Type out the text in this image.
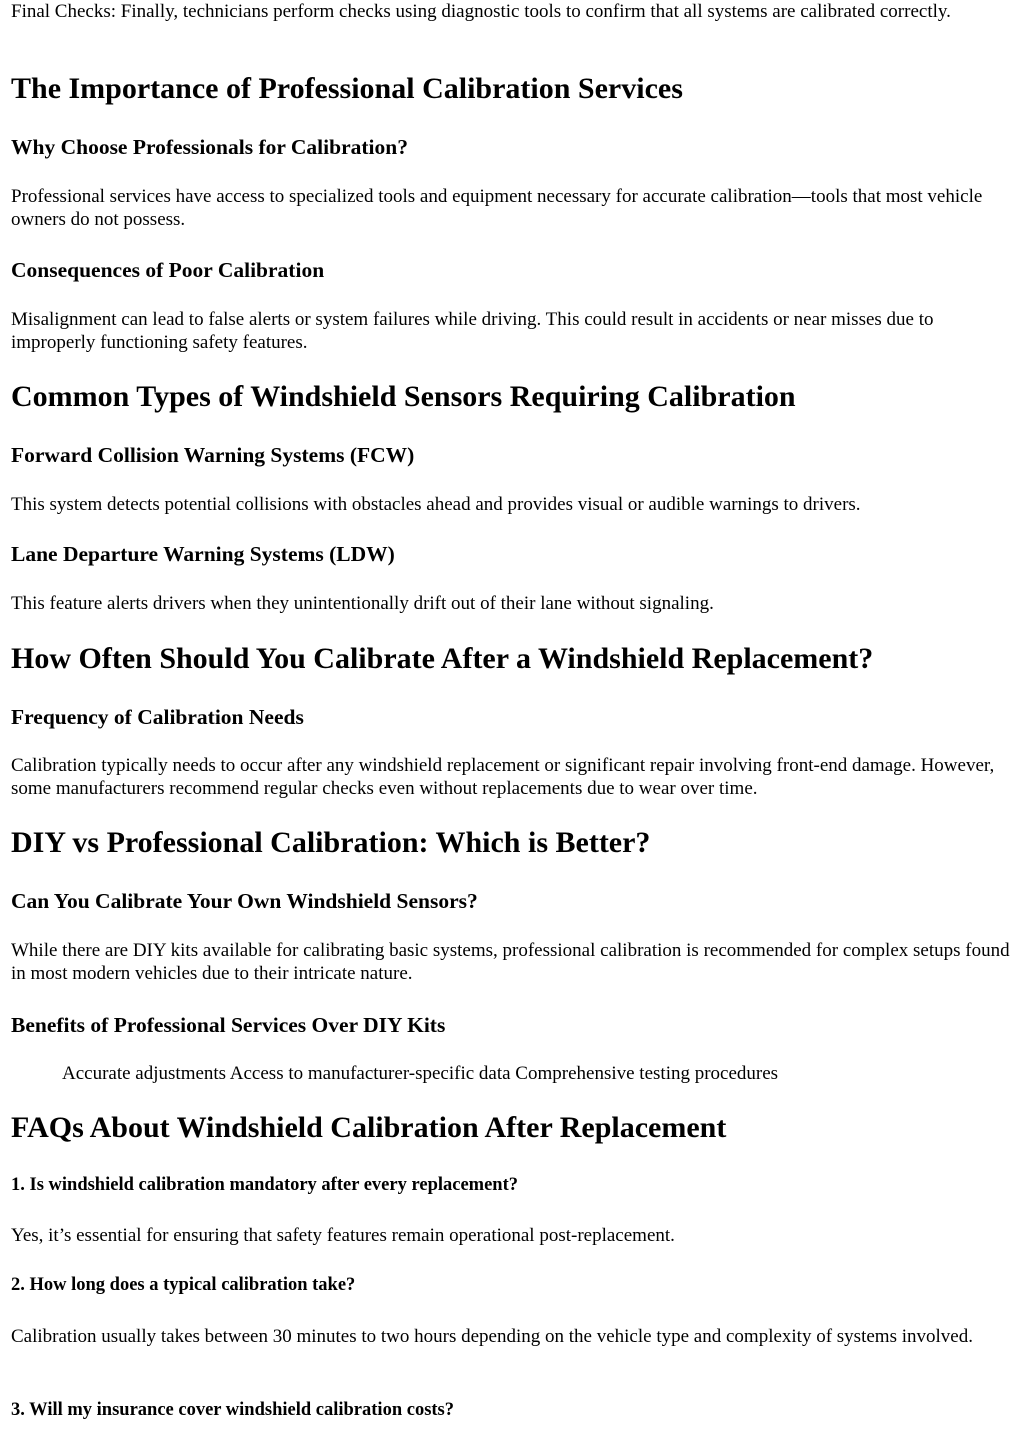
Final Checks: Finally, technicians perform checks using diagnostic tools to confirm that all systems are calibrated correctly.

The Importance of Professional Calibration Services
Why Choose Professionals for Calibration?

Professional services have access to specialized tools and equipment necessary for accurate calibration—tools that most vehicle owners do not possess.

Consequences of Poor Calibration

Misalignment can lead to false alerts or system failures while driving. This could result in accidents or near misses due to improperly functioning safety features.

Common Types of Windshield Sensors Requiring Calibration
Forward Collision Warning Systems (FCW)

This system detects potential collisions with obstacles ahead and provides visual or audible warnings to drivers.

Lane Departure Warning Systems (LDW)

This feature alerts drivers when they unintentionally drift out of their lane without signaling.

How Often Should You Calibrate After a Windshield Replacement?
Frequency of Calibration Needs

Calibration typically needs to occur after any windshield replacement or significant repair involving front-end damage. However, some manufacturers recommend regular checks even without replacements due to wear over time.

DIY vs Professional Calibration: Which is Better?
Can You Calibrate Your Own Windshield Sensors?

While there are DIY kits available for calibrating basic systems, professional calibration is recommended for complex setups found in most modern vehicles due to their intricate nature.

Benefits of Professional Services Over DIY Kits
Accurate adjustments Access to manufacturer-specific data Comprehensive testing procedures
FAQs About Windshield Calibration After Replacement
1. Is windshield calibration mandatory after every replacement?

Yes, it’s essential for ensuring that safety features remain operational post-replacement.

2. How long does a typical calibration take?

Calibration usually takes between 30 minutes to two hours depending on the vehicle type and complexity of systems involved.

3. Will my insurance cover windshield calibration costs?
